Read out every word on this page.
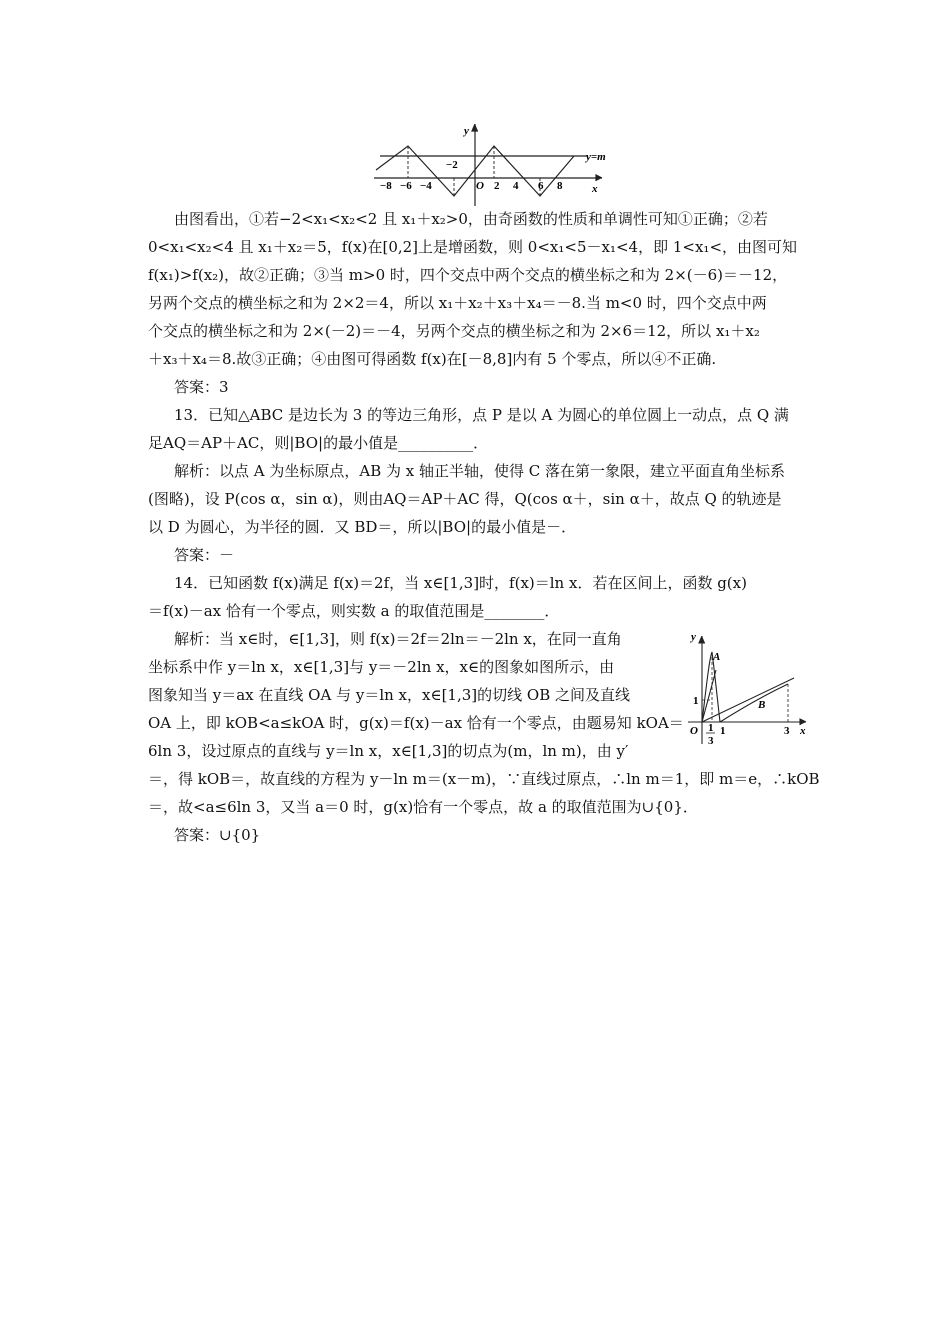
y
x
y=m
O
−8 −6 −4
−2
2 4 6 8
由图看出，①若−2<x₁<x₂<2 且 x₁＋x₂>0，由奇函数的性质和单调性可知①正确；②若
0<x₁<x₂<4 且 x₁＋x₂＝5，f(x)在[0,2]上是增函数，则 0<x₁<5－x₁<4，即 1<x₁<，由图可知
f(x₁)>f(x₂)，故②正确；③当 m>0 时，四个交点中两个交点的横坐标之和为 2×(－6)＝－12，
另两个交点的横坐标之和为 2×2＝4，所以 x₁＋x₂＋x₃＋x₄＝－8.当 m<0 时，四个交点中两
个交点的横坐标之和为 2×(－2)＝－4，另两个交点的横坐标之和为 2×6＝12，所以 x₁＋x₂
＋x₃＋x₄＝8.故③正确；④由图可得函数 f(x)在[－8,8]内有 5 个零点，所以④不正确.
答案：3
13．已知△ABC 是边长为 3 的等边三角形，点 P 是以 A 为圆心的单位圆上一动点，点 Q 满
足AQ＝AP＋AC，则|BO|的最小值是__________．
解析：以点 A 为坐标原点，AB 为 x 轴正半轴，使得 C 落在第一象限，建立平面直角坐标系
(图略)，设 P(cos α，sin α)，则由AQ＝AP＋AC 得，Q(cos α＋，sin α＋，故点 Q 的轨迹是
以 D 为圆心，为半径的圆．又 BD＝，所以|BO|的最小值是－．
答案：－
14．已知函数 f(x)满足 f(x)＝2f，当 x∈[1,3]时，f(x)＝ln x．若在区间上，函数 g(x)
＝f(x)－ax 恰有一个零点，则实数 a 的取值范围是________．
解析：当 x∈时，∈[1,3]，则 f(x)＝2f＝2ln＝－2ln x，在同一直角
坐标系中作 y＝ln x，x∈[1,3]与 y＝－2ln x，x∈的图象如图所示，由
图象知当 y＝ax 在直线 OA 与 y＝ln x，x∈[1,3]的切线 OB 之间及直线
OA 上，即 kOB<a≤kOA 时，g(x)＝f(x)－ax 恰有一个零点，由题易知 kOA＝
6ln 3，设过原点的直线与 y＝ln x，x∈[1,3]的切点为(m，ln m)，由 y′
＝，得 kOB＝，故直线的方程为 y－ln m＝(x－m)，∵直线过原点，∴ln m＝1，即 m＝e，∴kOB
＝，故<a≤6ln 3，又当 a＝0 时，g(x)恰有一个零点，故 a 的取值范围为∪{0}．
答案：∪{0}
y
x
O
A
B
1
1
3
1	3
